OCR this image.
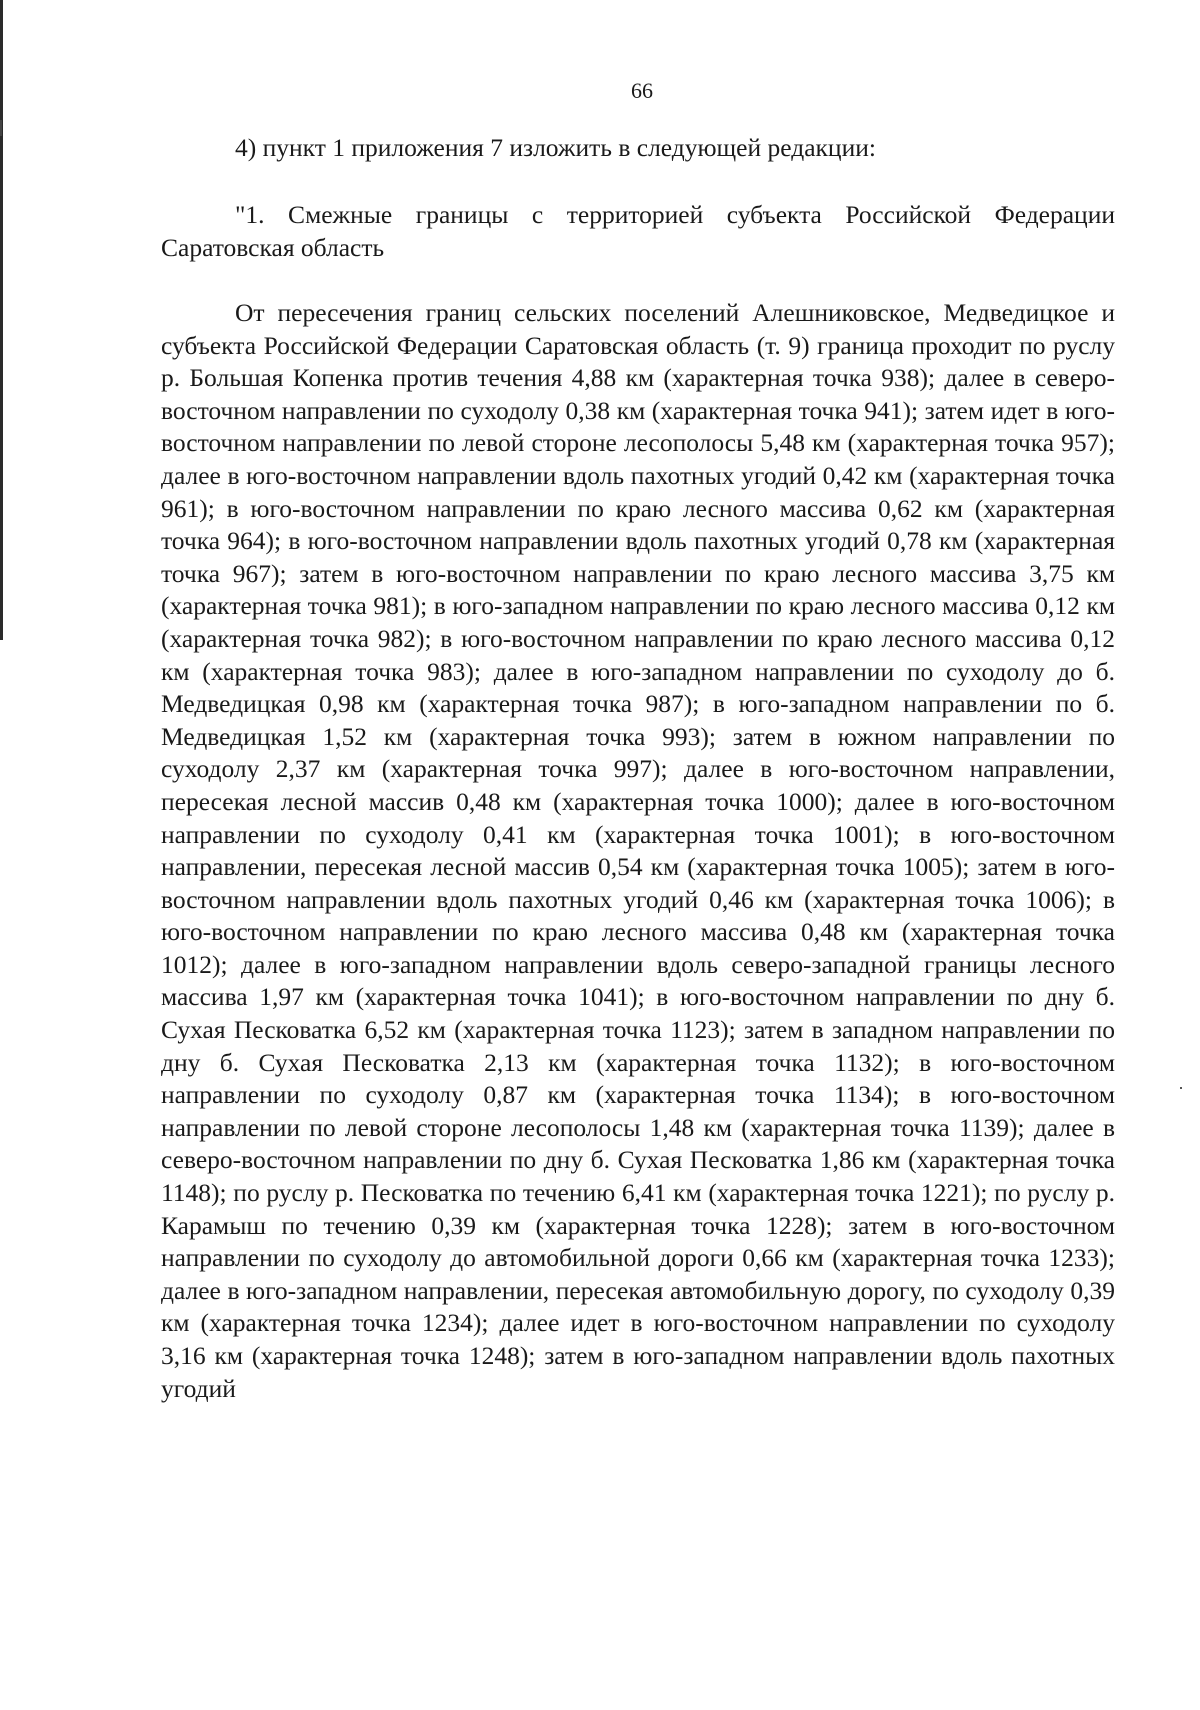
66
4) пункт 1 приложения 7 изложить в следующей редакции:

"1. Смежные границы с территорией субъекта Российской Федерации Саратовская область

От пересечения границ сельских поселений Алешниковское, Медведицкое и субъекта Российской Федерации Саратовская область (т. 9) граница проходит по руслу р. Большая Копенка против течения 4,88 км (характерная точка 938); далее в северо-восточном направлении по суходолу 0,38 км (характерная точка 941); затем идет в юго-восточном направлении по левой стороне лесополосы 5,48 км (характерная точка 957); далее в юго-восточном направлении вдоль пахотных угодий 0,42 км (характерная точка 961); в юго-восточном направлении по краю лесного массива 0,62 км (характерная точка 964); в юго-восточном направлении вдоль пахотных угодий 0,78 км (характерная точка 967); затем в юго-восточном направлении по краю лесного массива 3,75 км (характерная точка 981); в юго-западном направлении по краю лесного массива 0,12 км (характерная точка 982); в юго-восточном направлении по краю лесного массива 0,12 км (характерная точка 983); далее в юго-западном направлении по суходолу до б. Медведицкая 0,98 км (характерная точка 987); в юго-западном направлении по б. Медведицкая 1,52 км (характерная точка 993); затем в южном направлении по суходолу 2,37 км (характерная точка 997); далее в юго-восточном направлении, пересекая лесной массив 0,48 км (характерная точка 1000); далее в юго-восточном направлении по суходолу 0,41 км (характерная точка 1001); в юго-восточном направлении, пересекая лесной массив 0,54 км (характерная точка 1005); затем в юго-восточном направлении вдоль пахотных угодий 0,46 км (характерная точка 1006); в юго-восточном направлении по краю лесного массива 0,48 км (характерная точка 1012); далее в юго-западном направлении вдоль северо-западной границы лесного массива 1,97 км (характерная точка 1041); в юго-восточном направлении по дну б. Сухая Песковатка 6,52 км (характерная точка 1123); затем в западном направлении по дну б. Сухая Песковатка 2,13 км (характерная точка 1132); в юго-восточном направлении по суходолу 0,87 км (характерная точка 1134); в юго-восточном направлении по левой стороне лесополосы 1,48 км (характерная точка 1139); далее в северо-восточном направлении по дну б. Сухая Песковатка 1,86 км (характерная точка 1148); по руслу р. Песковатка по течению 6,41 км (характерная точка 1221); по руслу р. Карамыш по течению 0,39 км (характерная точка 1228); затем в юго-восточном направлении по суходолу до автомобильной дороги 0,66 км (характерная точка 1233); далее в юго-западном направлении, пересекая автомобильную дорогу, по суходолу 0,39 км (характерная точка 1234); далее идет в юго-восточном направлении по суходолу 3,16 км (характерная точка 1248); затем в юго-западном направлении вдоль пахотных угодий
